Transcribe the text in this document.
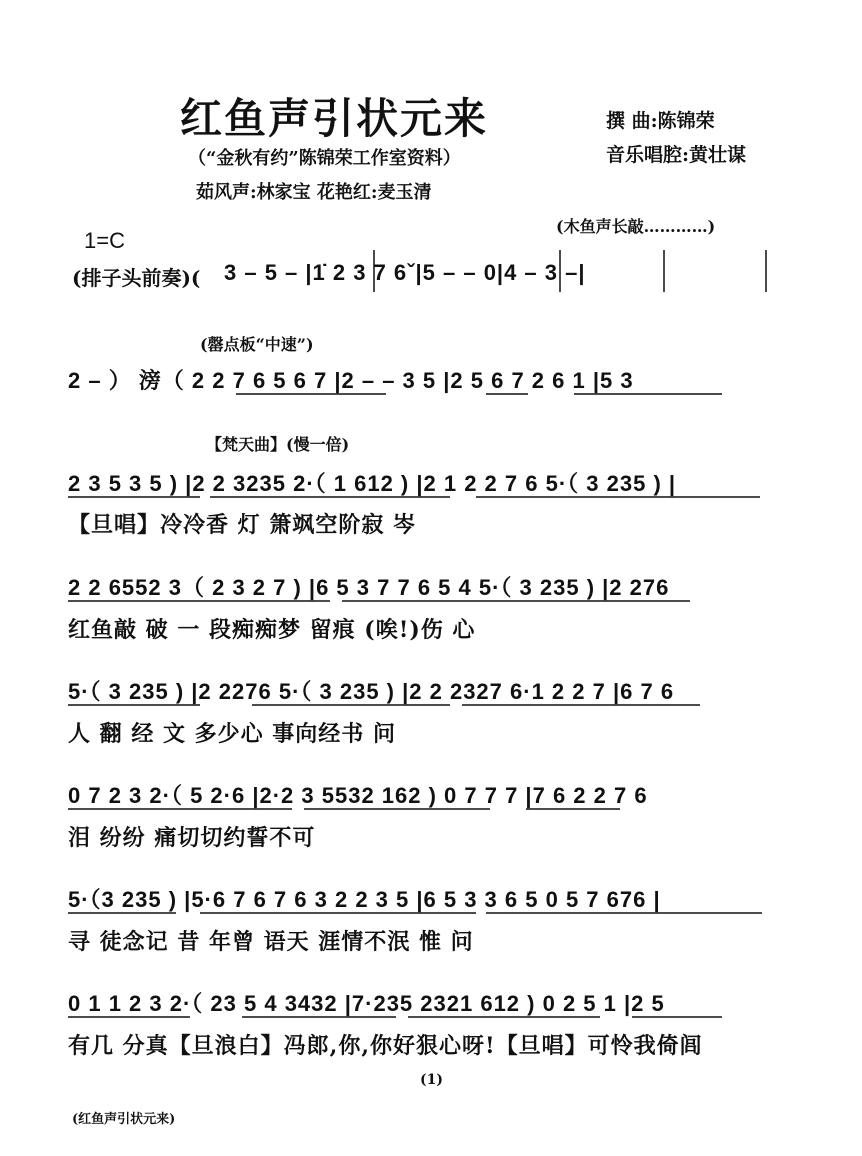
红鱼声引状元来
（“金秋有约”陈锦荣工作室资料）
茹风声:林家宝 花艳红:麦玉清
撰 曲:陈锦荣
音乐唱腔:黄壮谋
(木鱼声长敲…………)
1=C
(排子头前奏)( 3 – 5 – |1̇ 2 3 7 6ˇ|5 – – 0|4 – 3 –|
(罄点板“中速”)
【梵天曲】(慢一倍)
2 – ） 滂（ 2 2 7 6 5 6 7 |2 – – 3 5 |2 5 6 7 2 6 1 |5 3
2 3 5 3 5 ) |2 2 3235 2·（ 1 612 ) |2 1 2 2 7 6 5·（ 3 235 ) |
【旦唱】冷冷香 灯 箫飒空阶寂 岑
2 2 6552 3（ 2 3 2 7 ) |6 5 3 7 7 6 5 4 5·（ 3 235 ) |2 276
红鱼敲 破 一 段痴痴梦 留痕 (唉!)伤 心
5·（ 3 235 ) |2 2276 5·（ 3 235 ) |2 2 2327 6·1 2 2 7 |6 7 6
人 翻 经 文 多少心 事向经书 问
0 7 2 3 2·（ 5 2·6 |2·2 3 5532 162 ) 0 7 7 7 |7 6 2 2 7 6
泪 纷纷 痛切切约誓不可
5·（3 235 ) |5·6 7 6 7 6 3 2 2 3 5 |6 5 3 3 6 5 0 5 7 676 |
寻 徒念记 昔 年曾 语天 涯情不泯 惟 问
0 1 1 2 3 2·（ 23 5 4 3432 |7·235 2321 612 ) 0 2 5 1 |2 5
有几 分真【旦浪白】冯郎,你,你好狠心呀!【旦唱】可怜我倚闾
(1)
(红鱼声引状元来)
